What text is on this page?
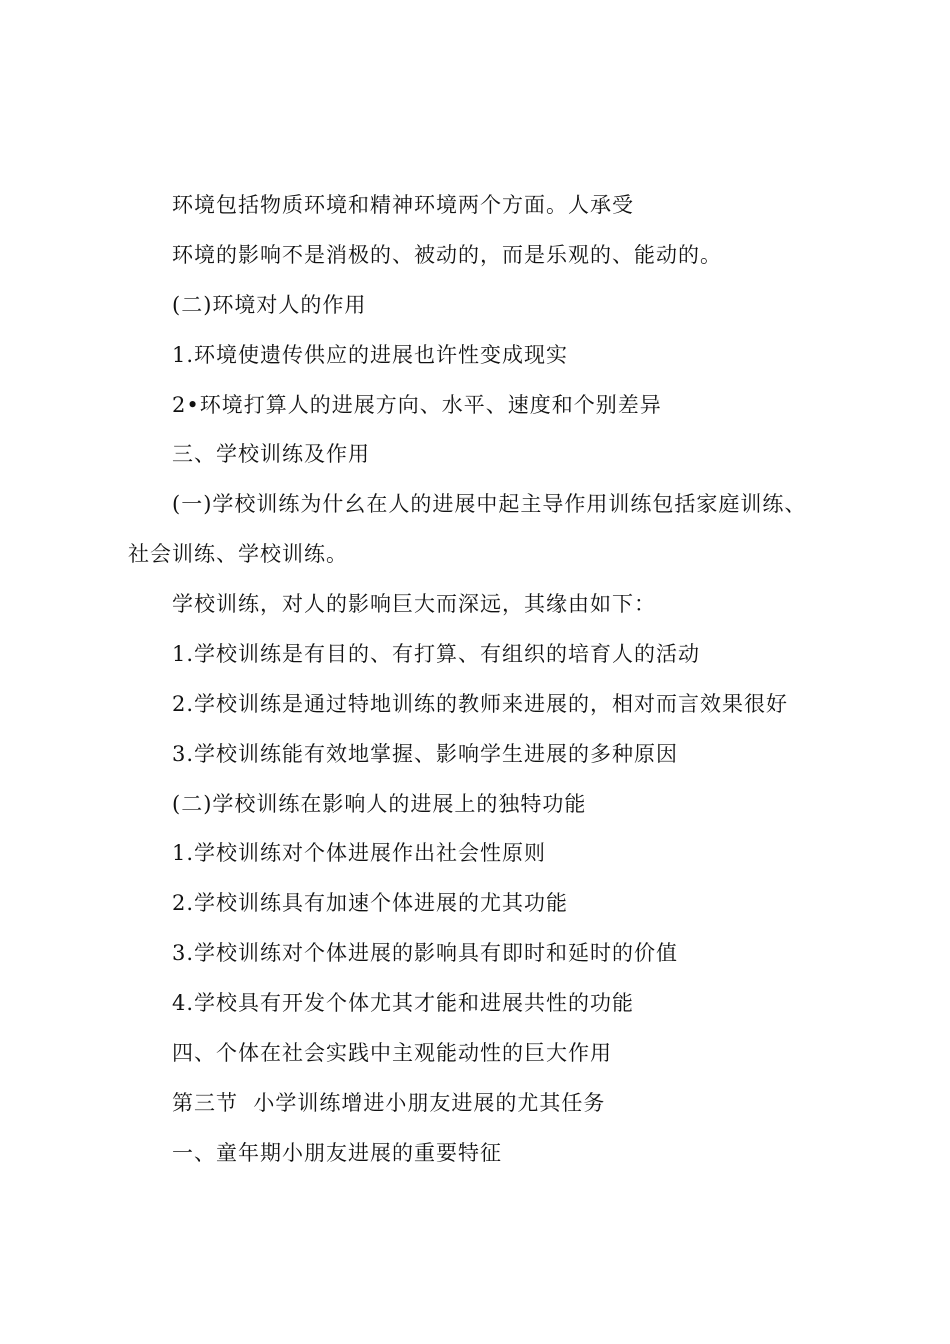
环境包括物质环境和精神环境两个方面。人承受
环境的影响不是消极的、被动的，而是乐观的、能动的。
(二)环境对人的作用
1.环境使遗传供应的进展也许性变成现实
2•环境打算人的进展方向、水平、速度和个别差异
三、学校训练及作用
(一)学校训练为什幺在人的进展中起主导作用训练包括家庭训练、
社会训练、学校训练。
学校训练，对人的影响巨大而深远，其缘由如下：
1.学校训练是有目的、有打算、有组织的培育人的活动
2.学校训练是通过特地训练的教师来进展的，相对而言效果很好
3.学校训练能有效地掌握、影响学生进展的多种原因
(二)学校训练在影响人的进展上的独特功能
1.学校训练对个体进展作出社会性原则
2.学校训练具有加速个体进展的尤其功能
3.学校训练对个体进展的影响具有即时和延时的价值
4.学校具有开发个体尤其才能和进展共性的功能
四、个体在社会实践中主观能动性的巨大作用
第三节  小学训练增进小朋友进展的尤其任务
一、童年期小朋友进展的重要特征
